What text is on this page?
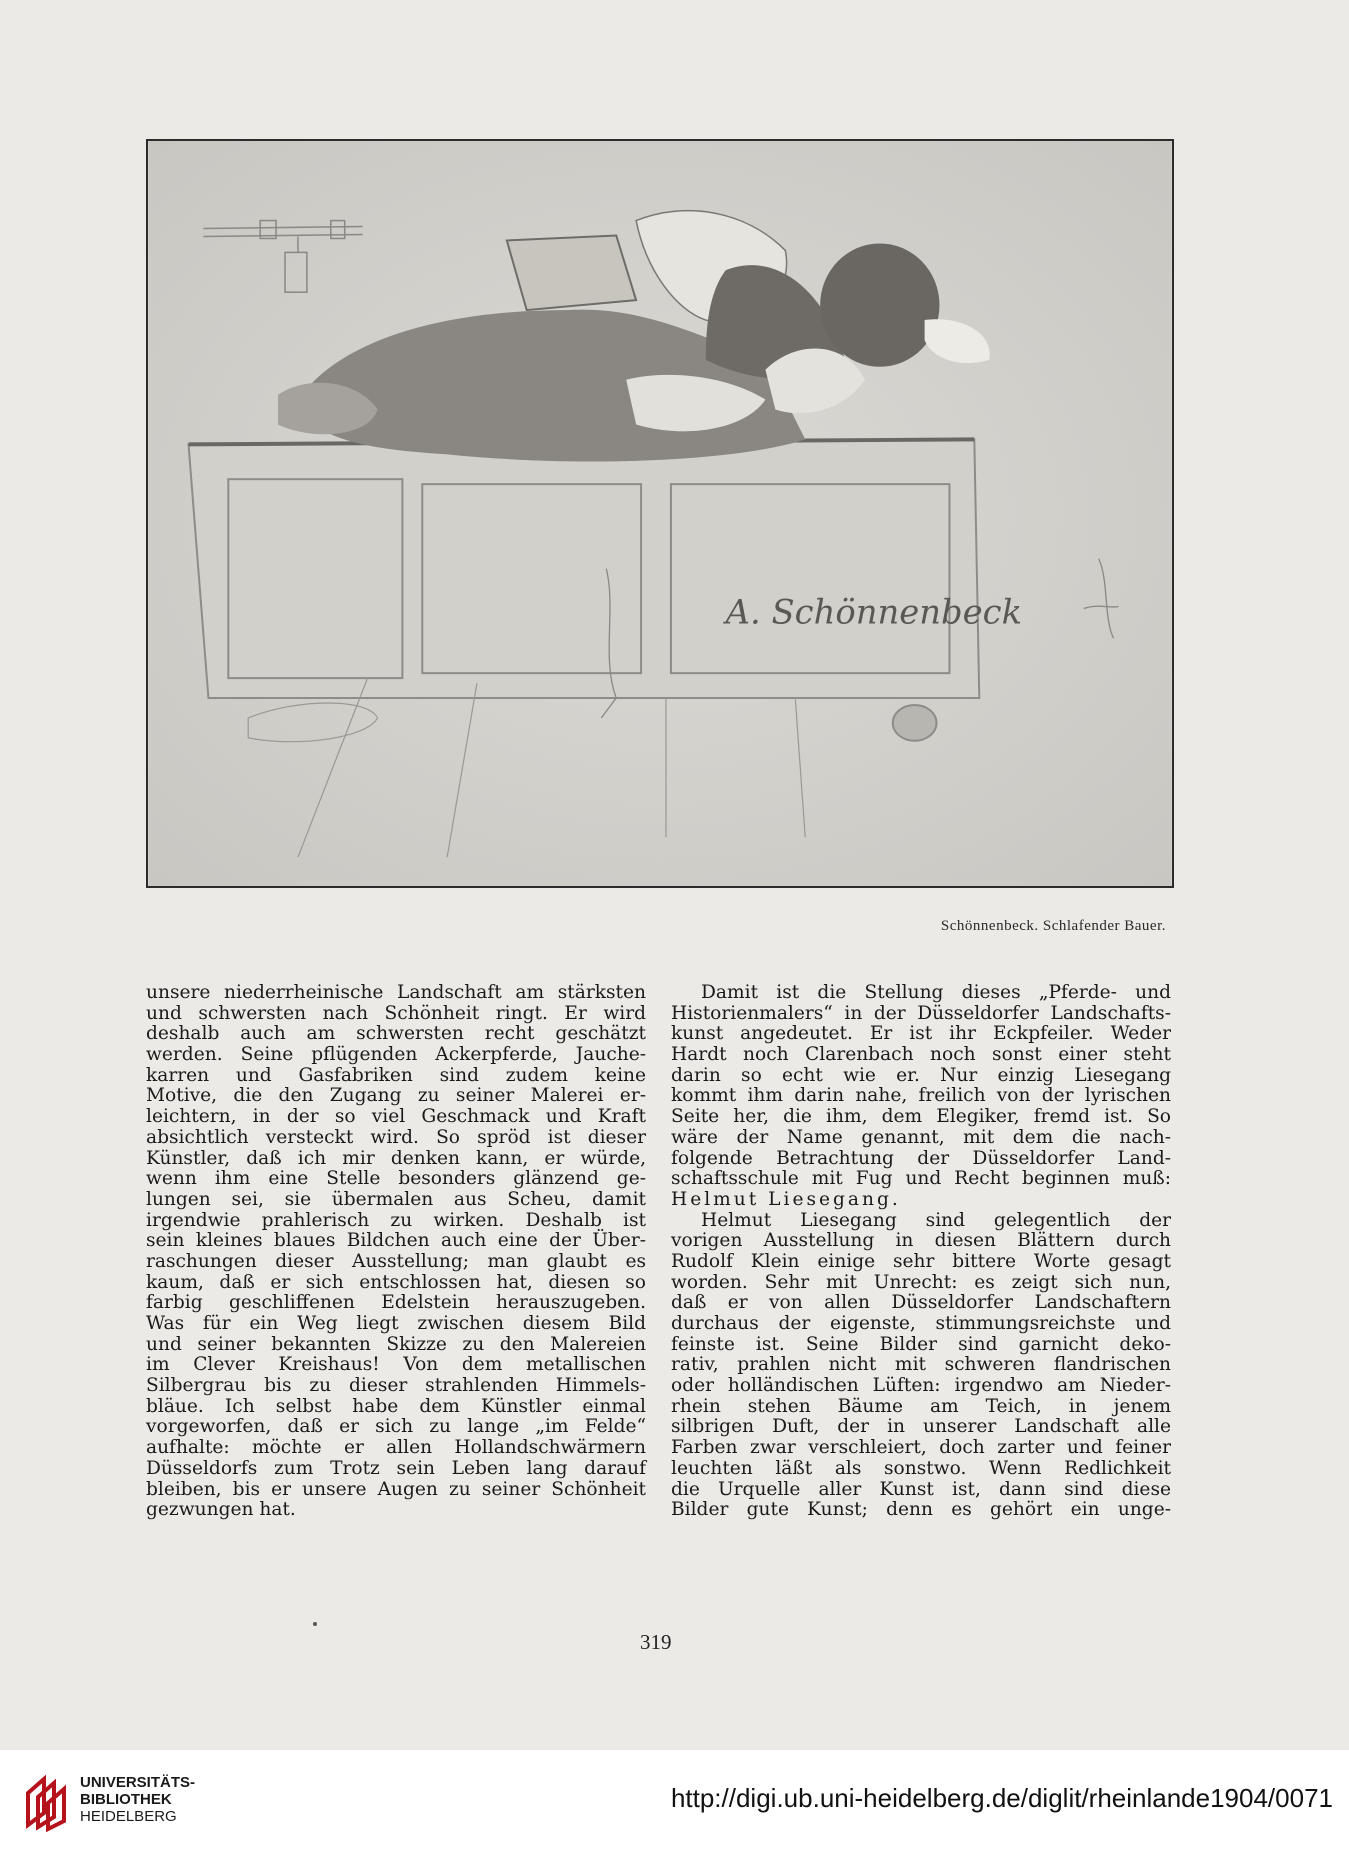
A. Schönnenbeck
Schönnenbeck. Schlafender Bauer.
unsere niederrheinische Landschaft am stärksten
und schwersten nach Schönheit ringt. Er wird
deshalb auch am schwersten recht geschätzt
werden. Seine pflügenden Ackerpferde, Jauche-
karren und Gasfabriken sind zudem keine
Motive, die den Zugang zu seiner Malerei er-
leichtern, in der so viel Geschmack und Kraft
absichtlich versteckt wird. So spröd ist dieser
Künstler, daß ich mir denken kann, er würde,
wenn ihm eine Stelle besonders glänzend ge-
lungen sei, sie übermalen aus Scheu, damit
irgendwie prahlerisch zu wirken. Deshalb ist
sein kleines blaues Bildchen auch eine der Über-
raschungen dieser Ausstellung; man glaubt es
kaum, daß er sich entschlossen hat, diesen so
farbig geschliffenen Edelstein herauszugeben.
Was für ein Weg liegt zwischen diesem Bild
und seiner bekannten Skizze zu den Malereien
im Clever Kreishaus! Von dem metallischen
Silbergrau bis zu dieser strahlenden Himmels-
bläue. Ich selbst habe dem Künstler einmal
vorgeworfen, daß er sich zu lange „im Felde“
aufhalte: möchte er allen Hollandschwärmern
Düsseldorfs zum Trotz sein Leben lang darauf
bleiben, bis er unsere Augen zu seiner Schönheit
gezwungen hat.
Damit ist die Stellung dieses „Pferde- und
Historienmalers“ in der Düsseldorfer Landschafts-
kunst angedeutet. Er ist ihr Eckpfeiler. Weder
Hardt noch Clarenbach noch sonst einer steht
darin so echt wie er. Nur einzig Liesegang
kommt ihm darin nahe, freilich von der lyrischen
Seite her, die ihm, dem Elegiker, fremd ist. So
wäre der Name genannt, mit dem die nach-
folgende Betrachtung der Düsseldorfer Land-
schaftsschule mit Fug und Recht beginnen muß:
Helmut Liesegang.
Helmut Liesegang sind gelegentlich der
vorigen Ausstellung in diesen Blättern durch
Rudolf Klein einige sehr bittere Worte gesagt
worden. Sehr mit Unrecht: es zeigt sich nun,
daß er von allen Düsseldorfer Landschaftern
durchaus der eigenste, stimmungsreichste und
feinste ist. Seine Bilder sind garnicht deko-
rativ, prahlen nicht mit schweren flandrischen
oder holländischen Lüften: irgendwo am Nieder-
rhein stehen Bäume am Teich, in jenem
silbrigen Duft, der in unserer Landschaft alle
Farben zwar verschleiert, doch zarter und feiner
leuchten läßt als sonstwo. Wenn Redlichkeit
die Urquelle aller Kunst ist, dann sind diese
Bilder gute Kunst; denn es gehört ein unge-
319
UNIVERSITÄTS-
BIBLIOTHEK
HEIDELBERG
http://digi.ub.uni-heidelberg.de/diglit/rheinlande1904/0071
